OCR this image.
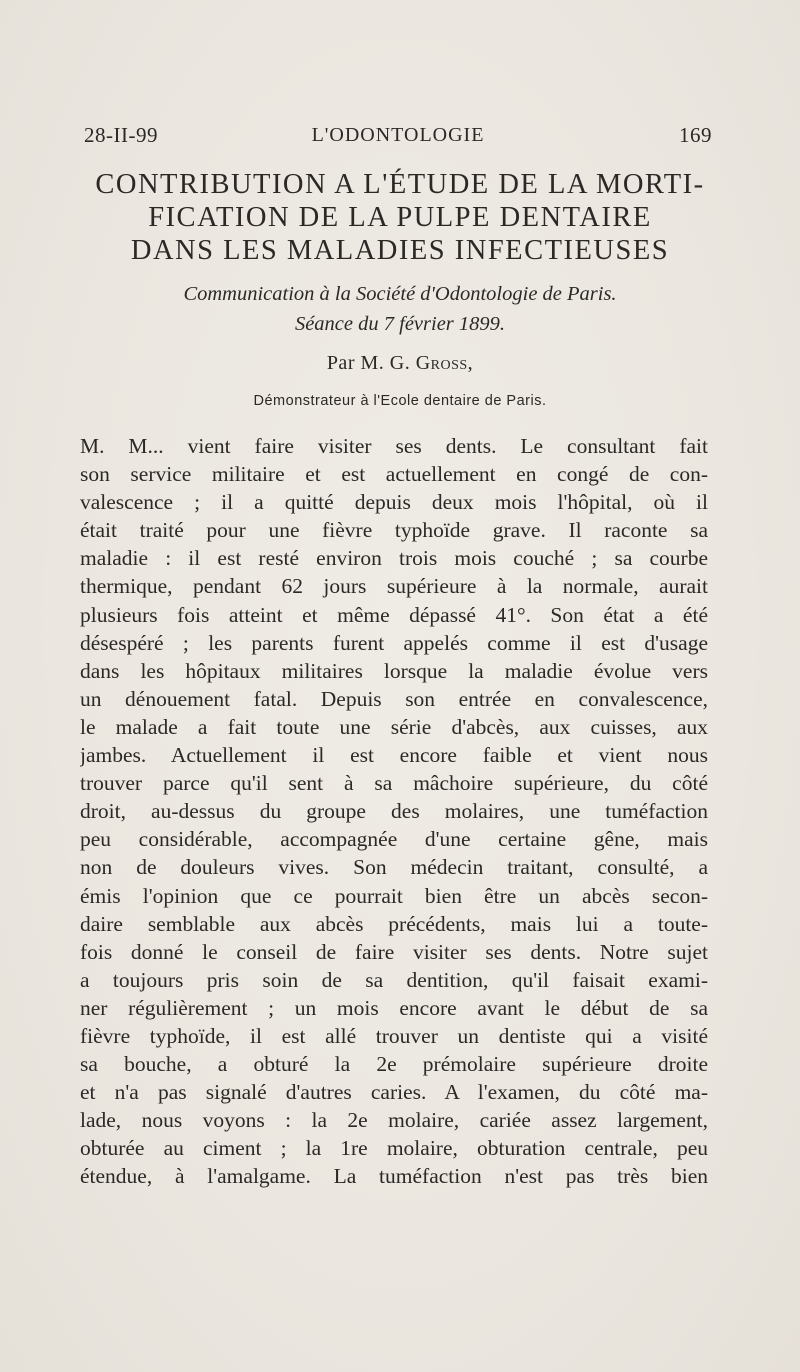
28-II-99	L'ODONTOLOGIE	169
CONTRIBUTION A L'ÉTUDE DE LA MORTI-
FICATION DE LA PULPE DENTAIRE
DANS LES MALADIES INFECTIEUSES
Communication à la Société d'Odontologie de Paris.
Séance du 7 février 1899.
Par M. G. Gross,
Démonstrateur à l'Ecole dentaire de Paris.
M. M... vient faire visiter ses dents. Le consultant fait
son service militaire et est actuellement en congé de con-
valescence ; il a quitté depuis deux mois l'hôpital, où il
était traité pour une fièvre typhoïde grave. Il raconte sa
maladie : il est resté environ trois mois couché ; sa courbe
thermique, pendant 62 jours supérieure à la normale, aurait
plusieurs fois atteint et même dépassé 41°. Son état a été
désespéré ; les parents furent appelés comme il est d'usage
dans les hôpitaux militaires lorsque la maladie évolue vers
un dénouement fatal. Depuis son entrée en convalescence,
le malade a fait toute une série d'abcès, aux cuisses, aux
jambes. Actuellement il est encore faible et vient nous
trouver parce qu'il sent à sa mâchoire supérieure, du côté
droit, au-dessus du groupe des molaires, une tuméfaction
peu considérable, accompagnée d'une certaine gêne, mais
non de douleurs vives. Son médecin traitant, consulté, a
émis l'opinion que ce pourrait bien être un abcès secon-
daire semblable aux abcès précédents, mais lui a toute-
fois donné le conseil de faire visiter ses dents. Notre sujet
a toujours pris soin de sa dentition, qu'il faisait exami-
ner régulièrement ; un mois encore avant le début de sa
fièvre typhoïde, il est allé trouver un dentiste qui a visité
sa bouche, a obturé la 2e prémolaire supérieure droite
et n'a pas signalé d'autres caries. A l'examen, du côté ma-
lade, nous voyons : la 2e molaire, cariée assez largement,
obturée au ciment ; la 1re molaire, obturation centrale, peu
étendue, à l'amalgame. La tuméfaction n'est pas très bien
